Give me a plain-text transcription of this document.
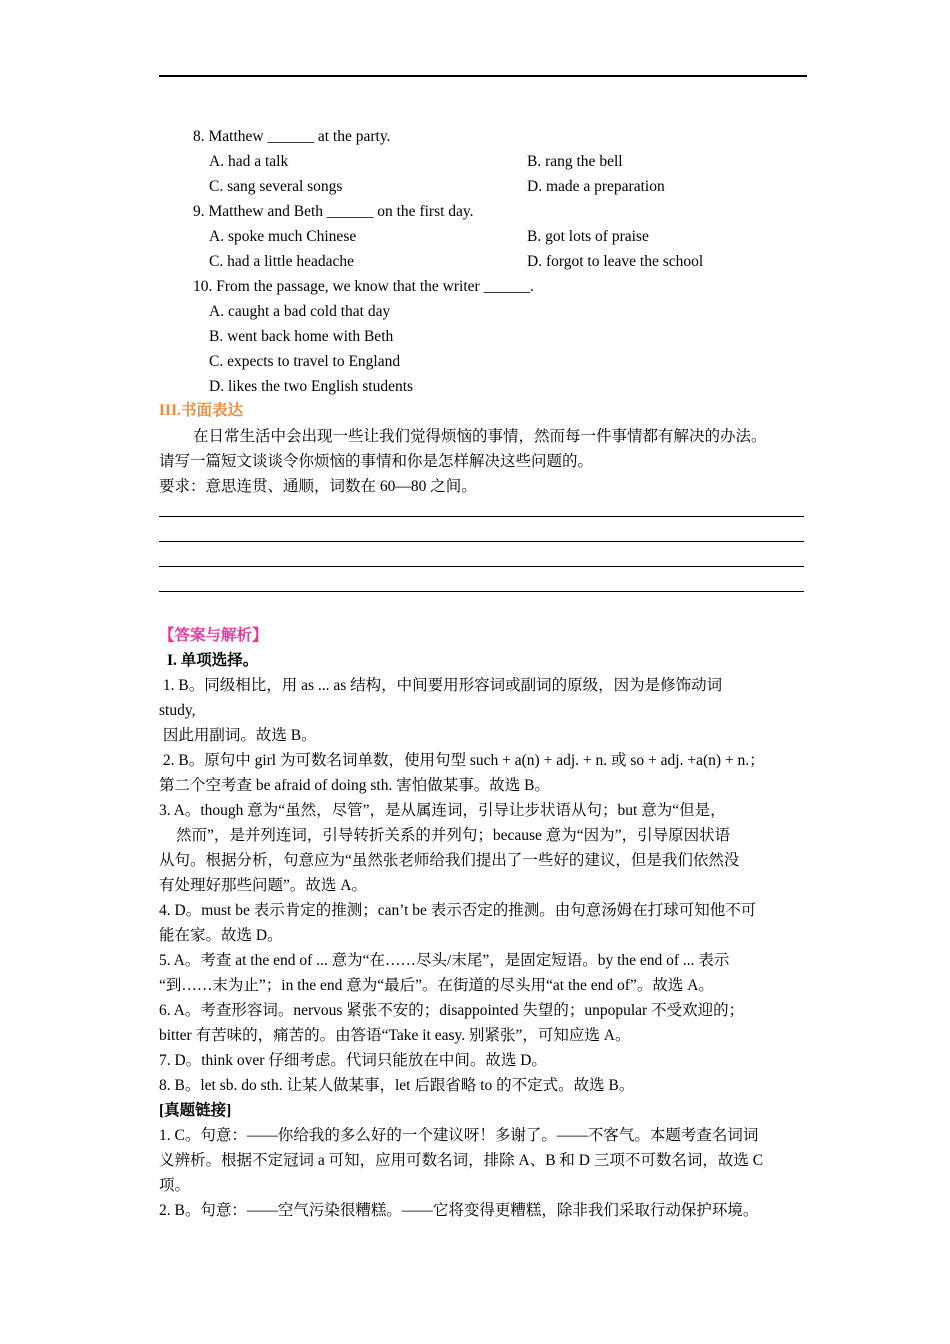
8. Matthew ______ at the party.
A. had a talk	B. rang the bell
C. sang several songs	D. made a preparation
9. Matthew and Beth ______ on the first day.
A. spoke much Chinese	B. got lots of praise
C. had a little headache	D. forgot to leave the school
10. From the passage, we know that the writer ______.
A. caught a bad cold that day
B. went back home with Beth
C. expects to travel to England
D. likes the two English students
III.书面表达
在日常生活中会出现一些让我们觉得烦恼的事情，然而每一件事情都有解决的办法。
请写一篇短文谈谈令你烦恼的事情和你是怎样解决这些问题的。
要求：意思连贯、通顺，词数在 60—80 之间。
【答案与解析】
I. 单项选择。
1. B。同级相比，用 as ... as 结构，中间要用形容词或副词的原级，因为是修饰动词
study,
因此用副词。故选 B。
2. B。原句中 girl 为可数名词单数，使用句型 such + a(n) + adj. + n. 或 so + adj. +a(n) + n.；
第二个空考查 be afraid of doing sth. 害怕做某事。故选 B。
3. A。though 意为“虽然，尽管”，是从属连词，引导让步状语从句；but 意为“但是，
然而”，是并列连词，引导转折关系的并列句；because 意为“因为”，引导原因状语
从句。根据分析，句意应为“虽然张老师给我们提出了一些好的建议，但是我们依然没
有处理好那些问题”。故选 A。
4. D。must be 表示肯定的推测；can’t be 表示否定的推测。由句意汤姆在打球可知他不可
能在家。故选 D。
5. A。考查 at the end of ... 意为“在……尽头/末尾”，是固定短语。by the end of ... 表示
“到……末为止”；in the end 意为“最后”。在街道的尽头用“at the end of”。故选 A。
6. A。考查形容词。nervous 紧张不安的；disappointed 失望的；unpopular 不受欢迎的；
bitter 有苦味的，痛苦的。由答语“Take it easy. 别紧张”，可知应选 A。
7. D。think over 仔细考虑。代词只能放在中间。故选 D。
8. B。let sb. do sth. 让某人做某事，let 后跟省略 to 的不定式。故选 B。
[真题链接]
1. C。句意：——你给我的多么好的一个建议呀！多谢了。——不客气。本题考查名词词
义辨析。根据不定冠词 a 可知，应用可数名词，排除 A、B 和 D 三项不可数名词，故选 C
项。
2. B。句意：——空气污染很糟糕。——它将变得更糟糕，除非我们采取行动保护环境。
